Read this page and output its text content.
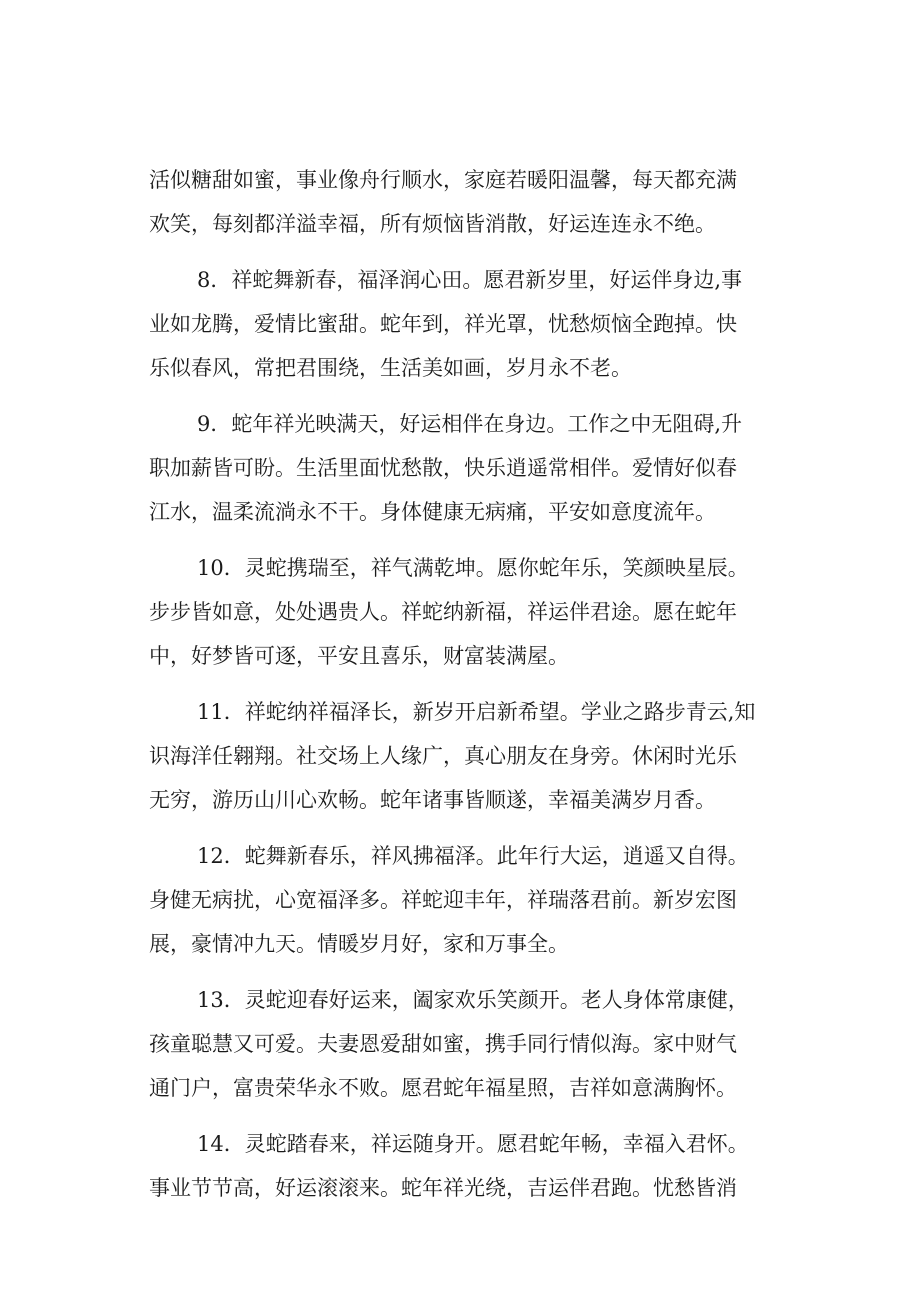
活似糖甜如蜜，事业像舟行顺水，家庭若暖阳温馨，每天都充满
欢笑，每刻都洋溢幸福，所有烦恼皆消散，好运连连永不绝。
8．祥蛇舞新春，福泽润心田。愿君新岁里，好运伴身边,事
业如龙腾，爱情比蜜甜。蛇年到，祥光罩，忧愁烦恼全跑掉。快
乐似春风，常把君围绕，生活美如画，岁月永不老。
9．蛇年祥光映满天，好运相伴在身边。工作之中无阻碍,升
职加薪皆可盼。生活里面忧愁散，快乐逍遥常相伴。爱情好似春
江水，温柔流淌永不干。身体健康无病痛，平安如意度流年。
10．灵蛇携瑞至，祥气满乾坤。愿你蛇年乐，笑颜映星辰。
步步皆如意，处处遇贵人。祥蛇纳新福，祥运伴君途。愿在蛇年
中，好梦皆可逐，平安且喜乐，财富装满屋。
11．祥蛇纳祥福泽长，新岁开启新希望。学业之路步青云,知
识海洋任翱翔。社交场上人缘广，真心朋友在身旁。休闲时光乐
无穷，游历山川心欢畅。蛇年诸事皆顺遂，幸福美满岁月香。
12．蛇舞新春乐，祥风拂福泽。此年行大运，逍遥又自得。
身健无病扰，心宽福泽多。祥蛇迎丰年，祥瑞落君前。新岁宏图
展，豪情冲九天。情暖岁月好，家和万事全。
13．灵蛇迎春好运来，阖家欢乐笑颜开。老人身体常康健，
孩童聪慧又可爱。夫妻恩爱甜如蜜，携手同行情似海。家中财气
通门户，富贵荣华永不败。愿君蛇年福星照，吉祥如意满胸怀。
14．灵蛇踏春来，祥运随身开。愿君蛇年畅，幸福入君怀。
事业节节高，好运滚滚来。蛇年祥光绕，吉运伴君跑。忧愁皆消
